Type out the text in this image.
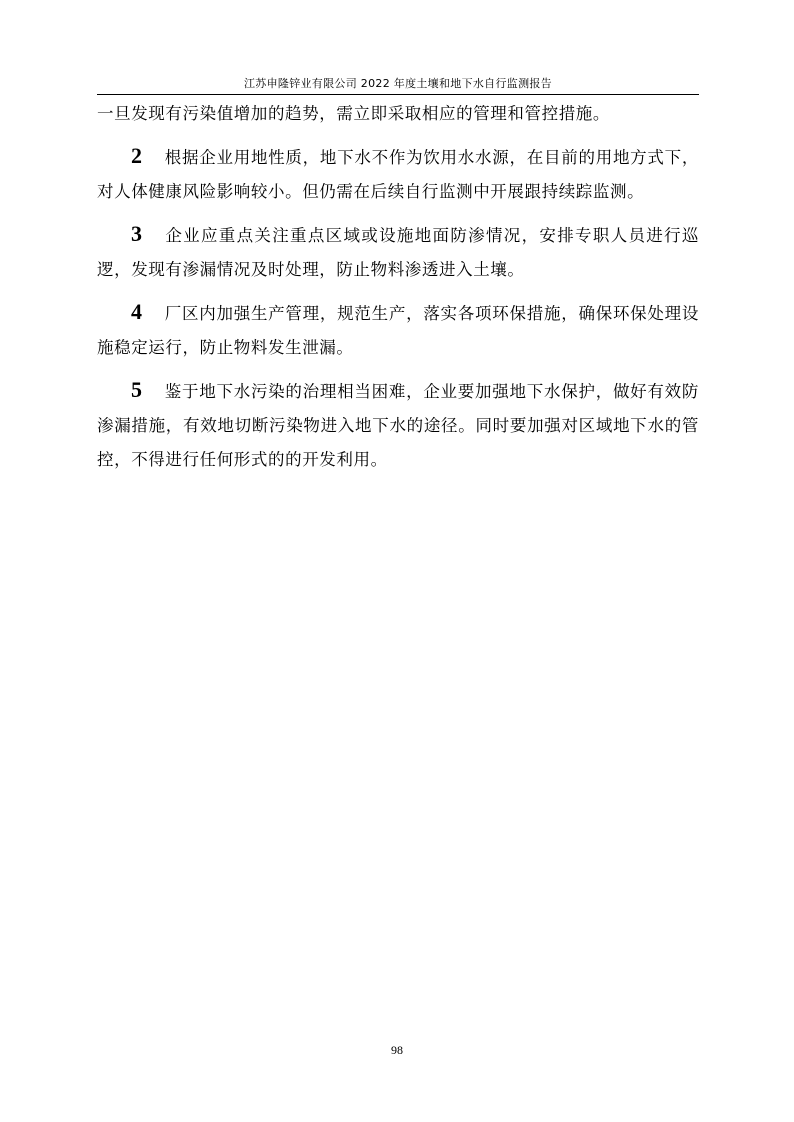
江苏申隆锌业有限公司 2022 年度土壤和地下水自行监测报告

一旦发现有污染值增加的趋势，需立即采取相应的管理和管控措施。

2 根据企业用地性质，地下水不作为饮用水水源，在目前的用地方式下，对人体健康风险影响较小。但仍需在后续自行监测中开展跟持续踪监测。

3 企业应重点关注重点区域或设施地面防渗情况，安排专职人员进行巡逻，发现有渗漏情况及时处理，防止物料渗透进入土壤。

4 厂区内加强生产管理，规范生产，落实各项环保措施，确保环保处理设施稳定运行，防止物料发生泄漏。

5 鉴于地下水污染的治理相当困难，企业要加强地下水保护，做好有效防渗漏措施，有效地切断污染物进入地下水的途径。同时要加强对区域地下水的管控，不得进行任何形式的的开发利用。

98
